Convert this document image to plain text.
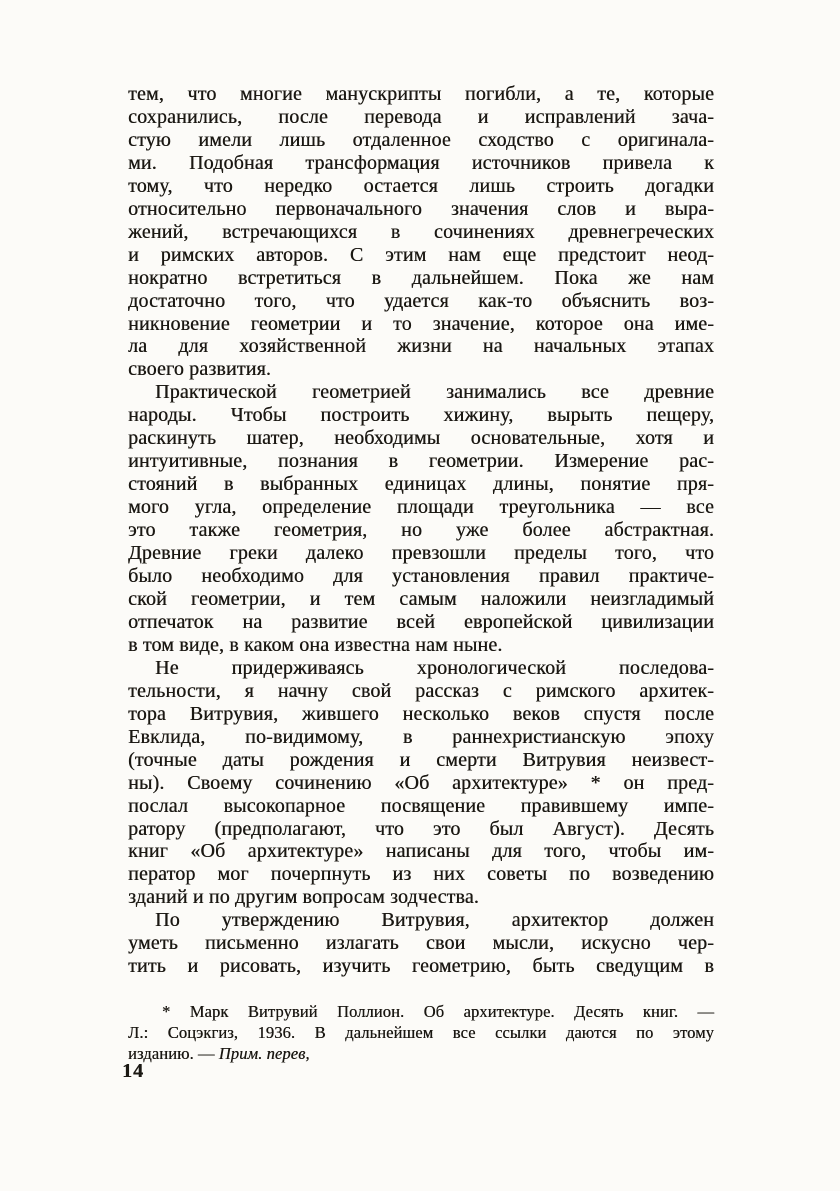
тем, что многие манускрипты погибли, а те, которые
сохранились, после перевода и исправлений зача-
стую имели лишь отдаленное сходство с оригинала-
ми. Подобная трансформация источников привела к
тому, что нередко остается лишь строить догадки
относительно первоначального значения слов и выра-
жений, встречающихся в сочинениях древнегреческих
и римских авторов. С этим нам еще предстоит неод-
нократно встретиться в дальнейшем. Пока же нам
достаточно того, что удается как-то объяснить воз-
никновение геометрии и то значение, которое она име-
ла для хозяйственной жизни на начальных этапах
своего развития.
Практической геометрией занимались все древние
народы. Чтобы построить хижину, вырыть пещеру,
раскинуть шатер, необходимы основательные, хотя и
интуитивные, познания в геометрии. Измерение рас-
стояний в выбранных единицах длины, понятие пря-
мого угла, определение площади треугольника — все
это также геометрия, но уже более абстрактная.
Древние греки далеко превзошли пределы того, что
было необходимо для установления правил практиче-
ской геометрии, и тем самым наложили неизгладимый
отпечаток на развитие всей европейской цивилизации
в том виде, в каком она известна нам ныне.
Не придерживаясь хронологической последова-
тельности, я начну свой рассказ с римского архитек-
тора Витрувия, жившего несколько веков спустя после
Евклида, по-видимому, в раннехристианскую эпоху
(точные даты рождения и смерти Витрувия неизвест-
ны). Своему сочинению «Об архитектуре» * он пред-
послал высокопарное посвящение правившему импе-
ратору (предполагают, что это был Август). Десять
книг «Об архитектуре» написаны для того, чтобы им-
ператор мог почерпнуть из них советы по возведению
зданий и по другим вопросам зодчества.
По утверждению Витрувия, архитектор должен
уметь письменно излагать свои мысли, искусно чер-
тить и рисовать, изучить геометрию, быть сведущим в
* Марк Витрувий Поллион. Об архитектуре. Десять книг. —
Л.: Соцэкгиз, 1936. В дальнейшем все ссылки даются по этому
изданию. — Прим. перев,
14
